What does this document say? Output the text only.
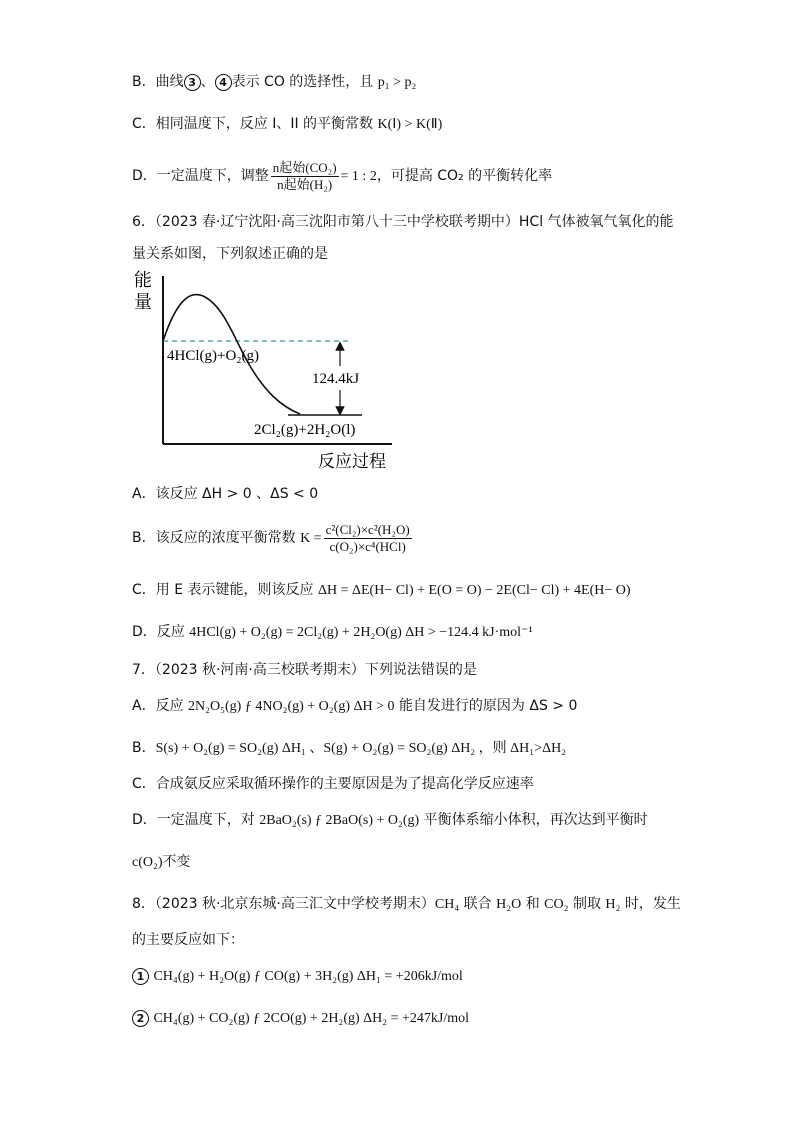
B．曲线 3 、 4 表示 CO 的选择性，且 p₁ > p₂
C．相同温度下，反应 I、II 的平衡常数 K(Ⅰ) > K(Ⅱ)
D．一定温度下，调整 $\frac{\text{n起始(CO₂)}}{\text{n起始(H₂)}} = 1$ : 2，可提高 CO₂ 的平衡转化率
6．（2023 春·辽宁沈阳·高三沈阳市第八十三中学校联考期中）HCl 气体被氧气氧化的能
量关系如图，下列叙述正确的是
能
量
4HCl(g)+O₂(g)
124.4kJ
2Cl₂(g)+2H₂O(l)
反应过程
A．该反应 ΔH > 0 、ΔS < 0
B．该反应的浓度平衡常数 $K = \frac{\text{c²(Cl₂)×c²(H₂O)}}{\text{c(O₂)×c⁴(HCl)}}$
C．用 E 表示键能，则该反应 ΔH = ΔE(H− Cl) + E(O = O) − 2E(Cl− Cl) + 4E(H− O)
D．反应 4HCl(g) + O₂(g) = 2Cl₂(g) + 2H₂O(g) ΔH > −124.4 kJ·mol⁻¹
7．（2023 秋·河南·高三校联考期末）下列说法错误的是
A．反应 2N₂O₅(g) ƒ 4NO₂(g) + O₂(g) ΔH > 0 能自发进行的原因为 ΔS > 0
B．S(s) + O₂(g) = SO₂(g) ΔH₁ 、S(g) + O₂(g) = SO₂(g) ΔH₂ ，则 ΔH₁>ΔH₂
C．合成氨反应采取循环操作的主要原因是为了提高化学反应速率
D．一定温度下，对 2BaO₂(s) ƒ 2BaO(s) + O₂(g) 平衡体系缩小体积，再次达到平衡时
c(O₂)不变
8．（2023 秋·北京东城·高三汇文中学校考期末）CH₄ 联合 H₂O 和 CO₂ 制取 H₂ 时，发生
的主要反应如下：
1 CH₄(g) + H₂O(g) ƒ CO(g) + 3H₂(g) ΔH₁ = +206kJ/mol
2 CH₄(g) + CO₂(g) ƒ 2CO(g) + 2H₂(g) ΔH₂ = +247kJ/mol
